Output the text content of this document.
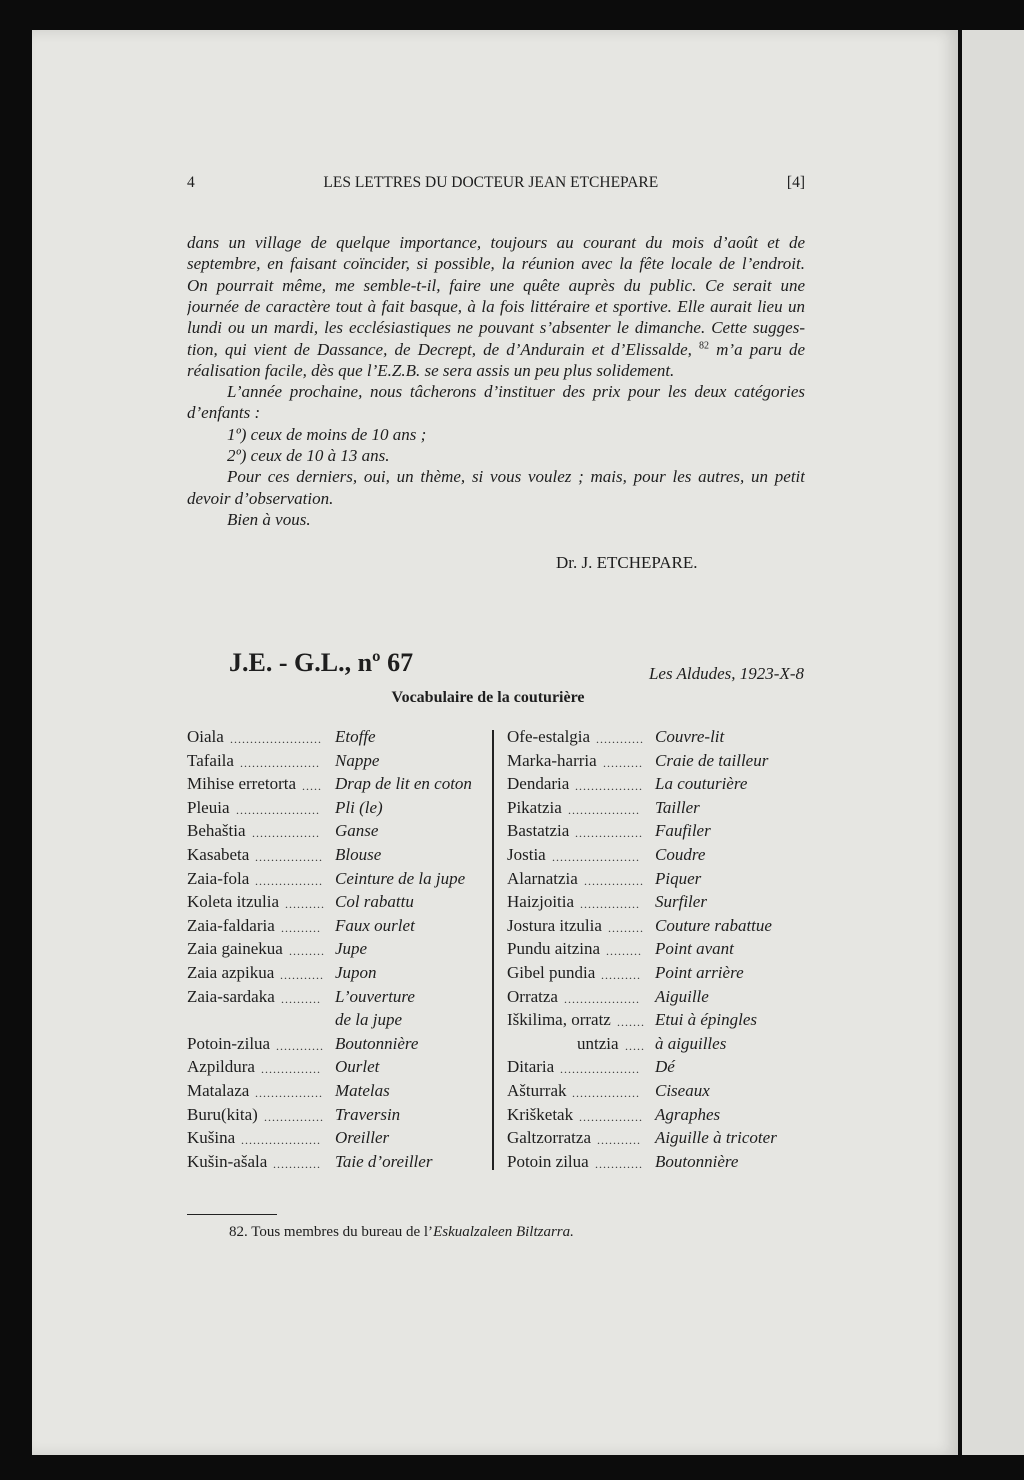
4	LES LETTRES DU DOCTEUR JEAN ETCHEPARE	[4]
dans un village de quelque importance, toujours au courant du mois d’août et de
septembre, en faisant coïncider, si possible, la réunion avec la fête locale de l’endroit.
On pourrait même, me semble-t-il, faire une quête auprès du public. Ce serait une
journée de caractère tout à fait basque, à la fois littéraire et sportive. Elle aurait lieu un
lundi ou un mardi, les ecclésiastiques ne pouvant s’absenter le dimanche. Cette sugges-
tion, qui vient de Dassance, de Decrept, de d’Andurain et d’Elissalde, $^{82}$ m’a paru de
réalisation facile, dès que l’E.Z.B. se sera assis un peu plus solidement.
L’année prochaine, nous tâcherons d’instituer des prix pour les deux catégories
d’enfants :
1º) ceux de moins de 10 ans ;
2º) ceux de 10 à 13 ans.
Pour ces derniers, oui, un thème, si vous voulez ; mais, pour les autres, un petit
devoir d’observation.
Bien à vous.
Dr. J. ETCHEPARE.
J.E. - G.L., nº 67	Les Aldudes, 1923-X-8
Vocabulaire de la couturière
Oiala ....................... Etoffe
Tafaila .................... Nappe
Mihise erretorta ..... Drap de lit en coton
Pleuia ..................... Pli (le)
Behaštia ................. Ganse
Kasabeta ................. Blouse
Zaia-fola ................. Ceinture de la jupe
Koleta itzulia .......... Col rabattu
Zaia-faldaria .......... Faux ourlet
Zaia gainekua ......... Jupe
Zaia azpikua ........... Jupon
Zaia-sardaka .......... L’ouverture
de la jupe
Potoin-zilua ............ Boutonnière
Azpildura ............... Ourlet
Matalaza ................. Matelas
Buru(kita) ............... Traversin
Kušina .................... Oreiller
Kušin-ašala ............ Taie d’oreiller
Ofe-estalgia ............ Couvre-lit
Marka-harria .......... Craie de tailleur
Dendaria ................. La couturière
Pikatzia .................. Tailler
Bastatzia ................. Faufiler
Jostia ...................... Coudre
Alarnatzia ............... Piquer
Haizjoitia ............... Surfiler
Jostura itzulia ......... Couture rabattue
Pundu aitzina ......... Point avant
Gibel pundia .......... Point arrière
Orratza ................... Aiguille
Iškilima, orratz ....... Etui à épingles
untzia ..... à aiguilles
Ditaria .................... Dé
Ašturrak ................. Ciseaux
Krišketak ................ Agraphes
Galtzorratza ........... Aiguille à tricoter
Potoin zilua ............ Boutonnière
82. Tous membres du bureau de l’Eskualzaleen Biltzarra.
